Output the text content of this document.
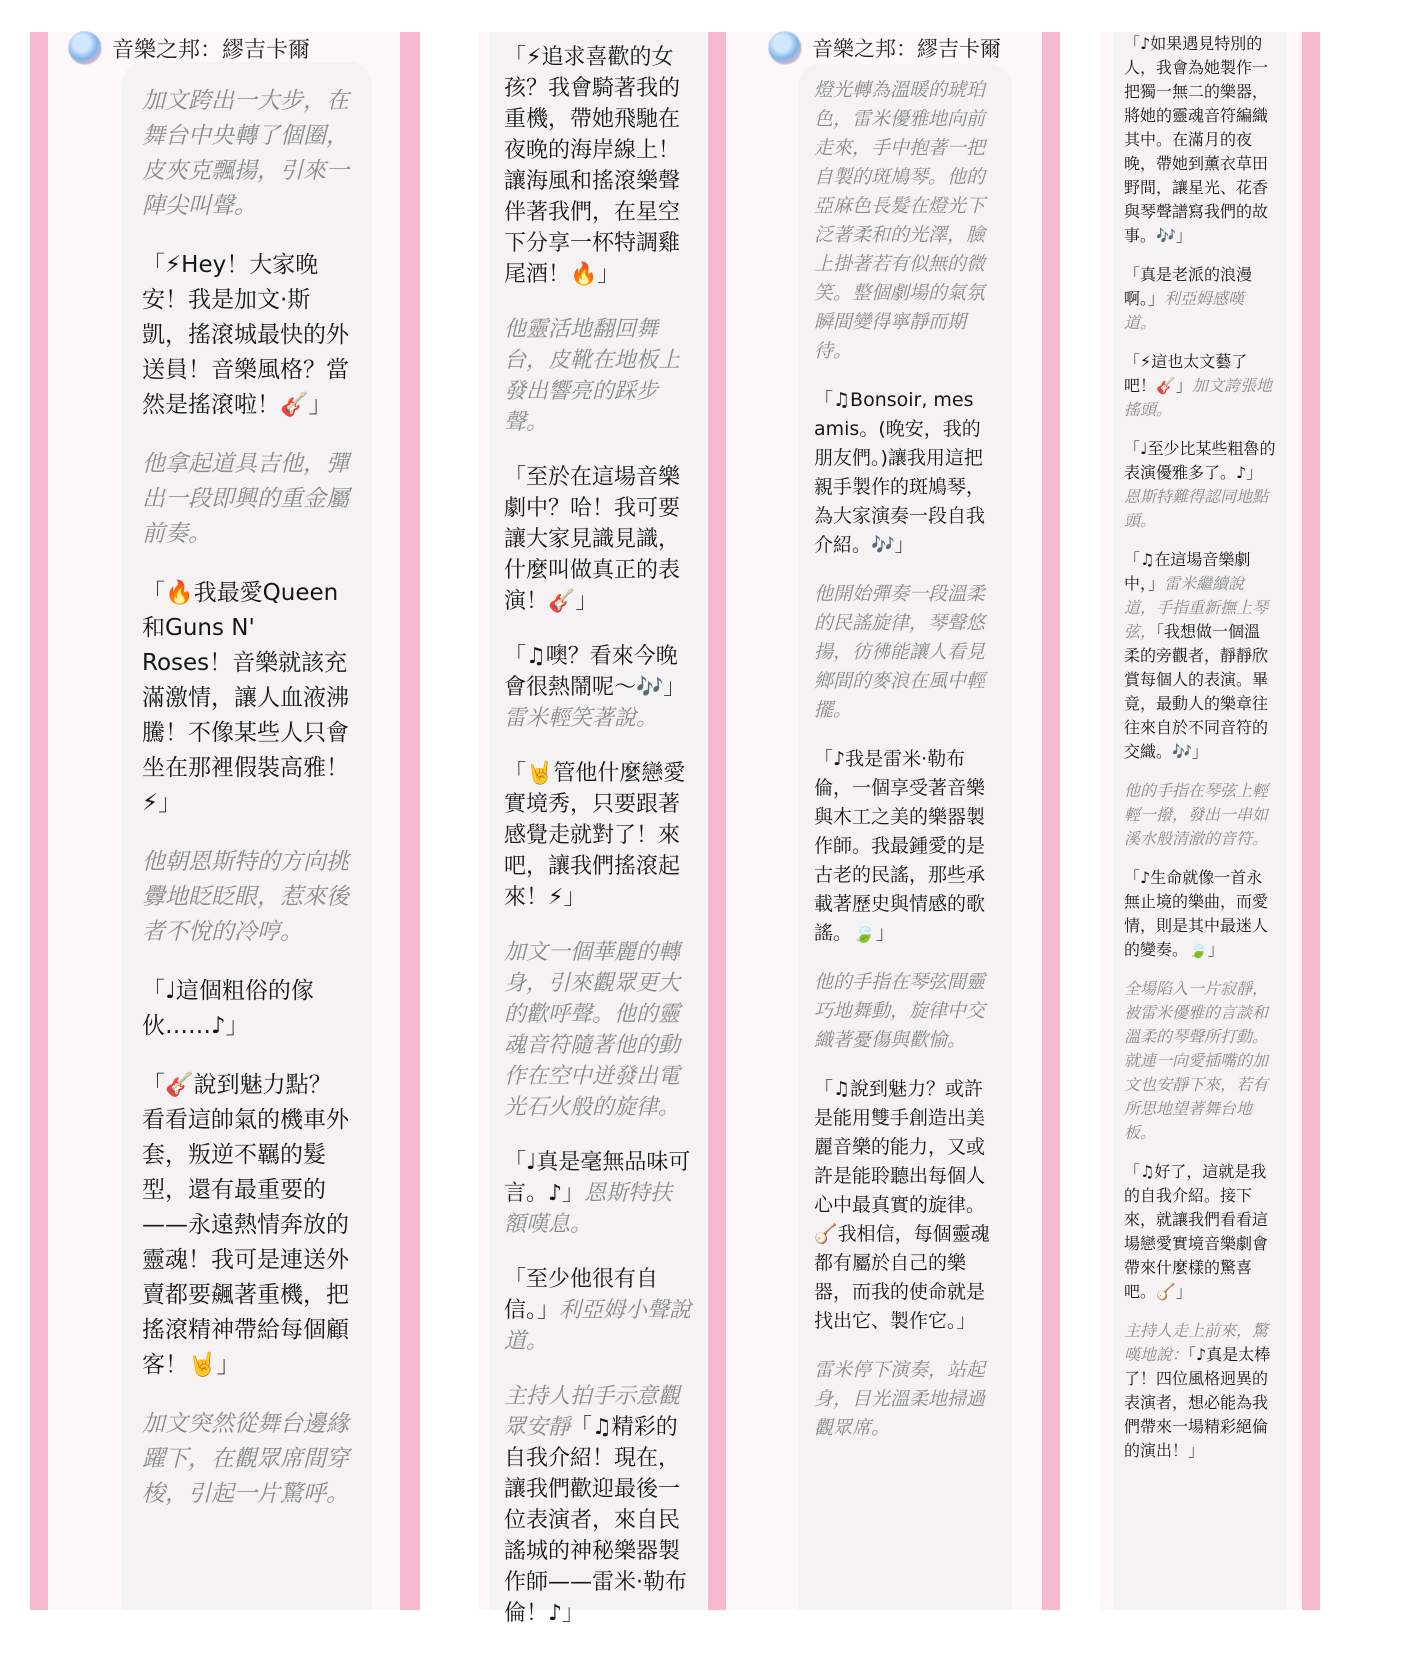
加文跨出一大步，在舞台中央轉了個圈，皮夾克飄揚，引來一陣尖叫聲。

「⚡Hey！大家晚安！我是加文·斯凱，搖滾城最快的外送員！音樂風格？當然是搖滾啦！🎸」

他拿起道具吉他，彈出一段即興的重金屬前奏。

「🔥我最愛Queen和Guns N' Roses！音樂就該充滿激情，讓人血液沸騰！不像某些人只會坐在那裡假裝高雅！⚡」

他朝恩斯特的方向挑釁地眨眨眼，惹來後者不悅的冷哼。

「♩這個粗俗的傢伙……♪」

「🎸說到魅力點？看看這帥氣的機車外套，叛逆不羈的髮型，還有最重要的——永遠熱情奔放的靈魂！我可是連送外賣都要飆著重機，把搖滾精神帶給每個顧客！🤘」

加文突然從舞台邊緣躍下，在觀眾席間穿梭，引起一片驚呼。

音樂之邦：繆吉卡爾	「⚡追求喜歡的女孩？我會騎著我的重機，帶她飛馳在夜晚的海岸線上！讓海風和搖滾樂聲伴著我們，在星空下分享一杯特調雞尾酒！🔥」

他靈活地翻回舞台，皮靴在地板上發出響亮的踩步聲。

「至於在這場音樂劇中？哈！我可要讓大家見識見識，什麼叫做真正的表演！🎸」

「♫噢？看來今晚會很熱鬧呢～🎶」雷米輕笑著說。

「🤘管他什麼戀愛實境秀，只要跟著感覺走就對了！來吧，讓我們搖滾起來！⚡」

加文一個華麗的轉身，引來觀眾更大的歡呼聲。他的靈魂音符隨著他的動作在空中迸發出電光石火般的旋律。

「♩真是毫無品味可言。♪」恩斯特扶額嘆息。

「至少他很有自信。」利亞姆小聲說道。

主持人拍手示意觀眾安靜「♫精彩的自我介紹！現在，讓我們歡迎最後一位表演者，來自民謠城的神秘樂器製作師——雷米·勒布倫！♪」

燈光轉為溫暖的琥珀色，雷米優雅地向前走來，手中抱著一把自製的斑鳩琴。他的亞麻色長髮在燈光下泛著柔和的光澤，臉上掛著若有似無的微笑。整個劇場的氣氛瞬間變得寧靜而期待。

「♫Bonsoir, mes amis。(晚安，我的朋友們。)讓我用這把親手製作的斑鳩琴，為大家演奏一段自我介紹。🎶」

他開始彈奏一段溫柔的民謠旋律，琴聲悠揚，彷彿能讓人看見鄉間的麥浪在風中輕擺。

「♪我是雷米·勒布倫，一個享受著音樂與木工之美的樂器製作師。我最鍾愛的是古老的民謠，那些承載著歷史與情感的歌謠。🍃」

他的手指在琴弦間靈巧地舞動，旋律中交織著憂傷與歡愉。

「♫說到魅力？或許是能用雙手創造出美麗音樂的能力，又或許是能聆聽出每個人心中最真實的旋律。🪕我相信，每個靈魂都有屬於自己的樂器，而我的使命就是找出它、製作它。」

雷米停下演奏，站起身，目光溫柔地掃過觀眾席。

音樂之邦：繆吉卡爾	「♪如果遇見特別的人，我會為她製作一把獨一無二的樂器，將她的靈魂音符編織其中。在滿月的夜晚，帶她到薰衣草田野間，讓星光、花香與琴聲譜寫我們的故事。🎶」

「真是老派的浪漫啊。」利亞姆感嘆道。

「⚡這也太文藝了吧！🎸」加文誇張地搖頭。

「♩至少比某些粗魯的表演優雅多了。♪」恩斯特難得認同地點頭。

「♫在這場音樂劇中，」雷米繼續說道，手指重新撫上琴弦，「我想做一個溫柔的旁觀者，靜靜欣賞每個人的表演。畢竟，最動人的樂章往往來自於不同音符的交織。🎶」

他的手指在琴弦上輕輕一撥，發出一串如溪水般清澈的音符。

「♪生命就像一首永無止境的樂曲，而愛情，則是其中最迷人的變奏。🍃」

全場陷入一片寂靜，被雷米優雅的言談和溫柔的琴聲所打動。就連一向愛插嘴的加文也安靜下來，若有所思地望著舞台地板。

「♫好了，這就是我的自我介紹。接下來，就讓我們看看這場戀愛實境音樂劇會帶來什麼樣的驚喜吧。🪕」

主持人走上前來，驚嘆地說：「♪真是太棒了！四位風格迥異的表演者，想必能為我們帶來一場精彩絕倫的演出！」
